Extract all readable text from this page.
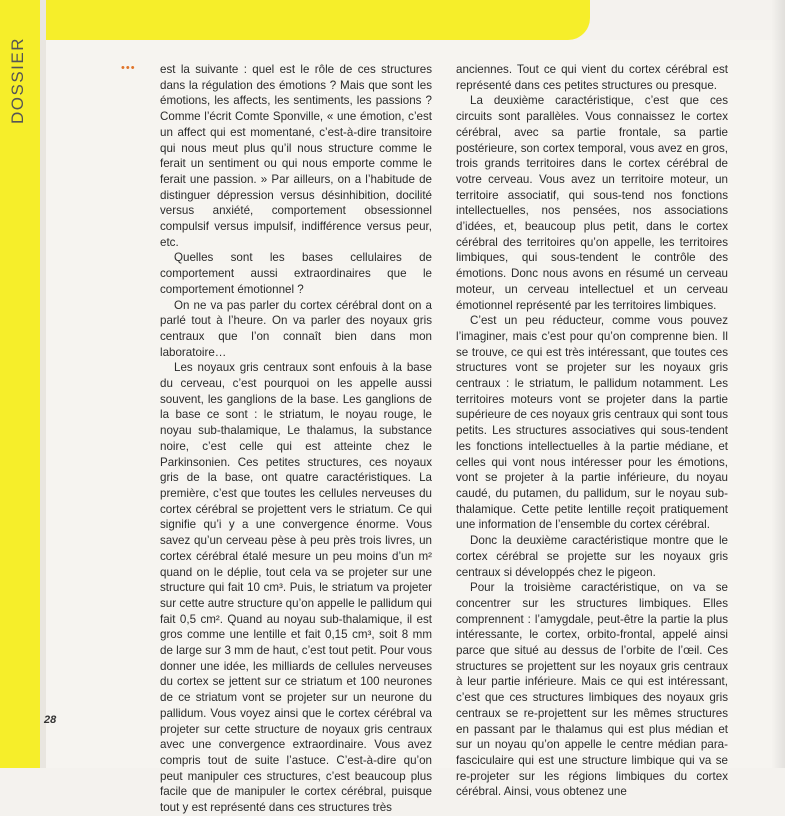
DOSSIER	••• est la suivante : quel est le rôle de ces structures dans la régulation des émotions ? Mais que sont les émotions, les affects, les sentiments, les passions ? Comme l’écrit Comte Sponville, « une émotion, c’est un affect qui est momentané, c’est-à-dire transitoire qui nous meut plus qu’il nous structure comme le ferait un sentiment ou qui nous emporte comme le ferait une passion. » Par ailleurs, on a l’habitude de distinguer dépression versus désinhibition, docilité versus anxiété, comportement obsessionnel compulsif versus impulsif, indifférence versus peur, etc.

Quelles sont les bases cellulaires de comportement aussi extraordinaires que le comportement émotionnel ?

On ne va pas parler du cortex cérébral dont on a parlé tout à l’heure. On va parler des noyaux gris centraux que l’on connaît bien dans mon laboratoire…

Les noyaux gris centraux sont enfouis à la base du cerveau, c’est pourquoi on les appelle aussi souvent, les ganglions de la base. Les ganglions de la base ce sont : le striatum, le noyau rouge, le noyau sub-thalamique, Le thalamus, la substance noire, c’est celle qui est atteinte chez le Parkinsonien. Ces petites structures, ces noyaux gris de la base, ont quatre caractéristiques. La première, c’est que toutes les cellules nerveuses du cortex cérébral se projettent vers le striatum. Ce qui signifie qu’i y a une convergence énorme. Vous savez qu’un cerveau pèse à peu près trois livres, un cortex cérébral étalé mesure un peu moins d’un m² quand on le déplie, tout cela va se projeter sur une structure qui fait 10 cm³. Puis, le striatum va projeter sur cette autre structure qu’on appelle le pallidum qui fait 0,5 cm². Quand au noyau sub-thalamique, il est gros comme une lentille et fait 0,15 cm³, soit 8 mm de large sur 3 mm de haut, c’est tout petit. Pour vous donner une idée, les milliards de cellules nerveuses du cortex se jettent sur ce striatum et 100 neurones de ce striatum vont se projeter sur un neurone du pallidum. Vous voyez ainsi que le cortex cérébral va projeter sur cette structure de noyaux gris centraux avec une convergence extraordinaire. Vous avez compris tout de suite l’astuce. C’est-à-dire qu’on peut manipuler ces structures, c’est beaucoup plus facile que de manipuler le cortex cérébral, puisque tout y est représenté dans ces structures très

anciennes. Tout ce qui vient du cortex cérébral est représenté dans ces petites structures ou presque.

La deuxième caractéristique, c’est que ces circuits sont parallèles. Vous connaissez le cortex cérébral, avec sa partie frontale, sa partie postérieure, son cortex temporal, vous avez en gros, trois grands territoires dans le cortex cérébral de votre cerveau. Vous avez un territoire moteur, un territoire associatif, qui sous-tend nos fonctions intellectuelles, nos pensées, nos associations d’idées, et, beaucoup plus petit, dans le cortex cérébral des territoires qu’on appelle, les territoires limbiques, qui sous-tendent le contrôle des émotions. Donc nous avons en résumé un cerveau moteur, un cerveau intellectuel et un cerveau émotionnel représenté par les territoires limbiques.

C’est un peu réducteur, comme vous pouvez l’imaginer, mais c’est pour qu’on comprenne bien. Il se trouve, ce qui est très intéressant, que toutes ces structures vont se projeter sur les noyaux gris centraux : le striatum, le pallidum notamment. Les territoires moteurs vont se projeter dans la partie supérieure de ces noyaux gris centraux qui sont tous petits. Les structures associatives qui sous-tendent les fonctions intellectuelles à la partie médiane, et celles qui vont nous intéresser pour les émotions, vont se projeter à la partie inférieure, du noyau caudé, du putamen, du pallidum, sur le noyau sub-thalamique. Cette petite lentille reçoit pratiquement une information de l’ensemble du cortex cérébral.

Donc la deuxième caractéristique montre que le cortex cérébral se projette sur les noyaux gris centraux si développés chez le pigeon.

Pour la troisième caractéristique, on va se concentrer sur les structures limbiques. Elles comprennent : l’amygdale, peut-être la partie la plus intéressante, le cortex, orbito-frontal, appelé ainsi parce que situé au dessus de l’orbite de l’œil. Ces structures se projettent sur les noyaux gris centraux à leur partie inférieure. Mais ce qui est intéressant, c’est que ces structures limbiques des noyaux gris centraux se re-projettent sur les mêmes structures en passant par le thalamus qui est plus médian et sur un noyau qu’on appelle le centre médian para-fasciculaire qui est une structure limbique qui va se re-projeter sur les régions limbiques du cortex cérébral. Ainsi, vous obtenez une

28
